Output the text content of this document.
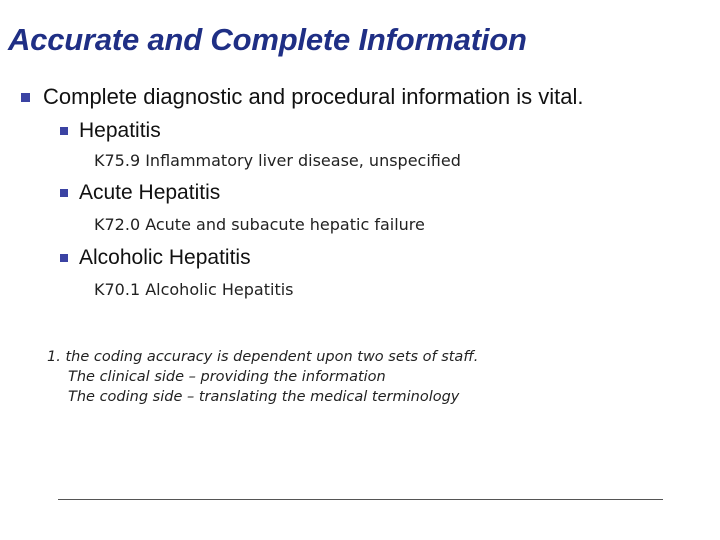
Accurate and Complete Information
Complete diagnostic and procedural information is vital.
Hepatitis
K75.9 Inflammatory liver disease, unspecified
Acute Hepatitis
K72.0 Acute and subacute hepatic failure
Alcoholic Hepatitis
K70.1 Alcoholic Hepatitis
1. the coding accuracy is dependent upon two sets of staff.
The clinical side – providing the information
The coding side – translating the medical terminology
